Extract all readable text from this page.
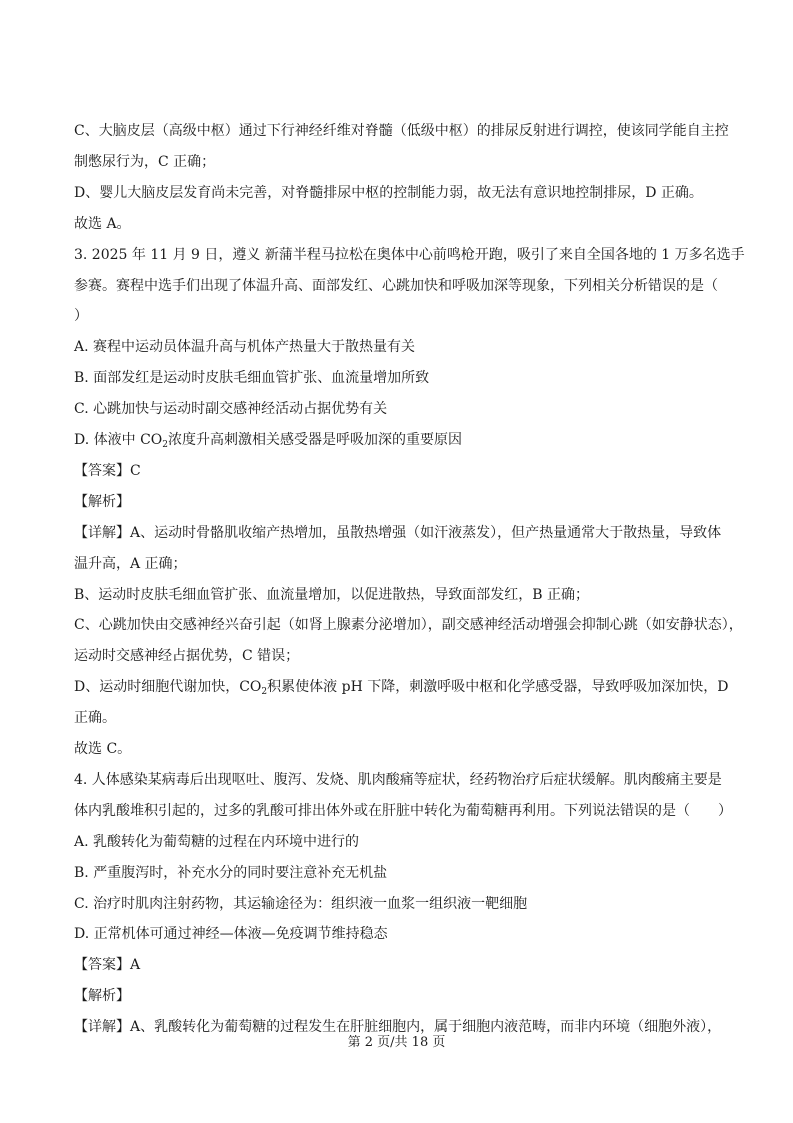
C、大脑皮层（高级中枢）通过下行神经纤维对脊髓（低级中枢）的排尿反射进行调控，使该同学能自主控
制憋尿行为，C 正确；
D、婴儿大脑皮层发育尚未完善，对脊髓排尿中枢的控制能力弱，故无法有意识地控制排尿，D 正确。
故选 A。
3. 2025 年 11 月 9 日，遵义 新蒲半程马拉松在奥体中心前鸣枪开跑，吸引了来自全国各地的 1 万多名选手
参赛。赛程中选手们出现了体温升高、面部发红、心跳加快和呼吸加深等现象，下列相关分析错误的是（
）
A. 赛程中运动员体温升高与机体产热量大于散热量有关
B. 面部发红是运动时皮肤毛细血管扩张、血流量增加所致
C. 心跳加快与运动时副交感神经活动占据优势有关
D. 体液中 $CO_2$浓度升高刺激相关感受器是呼吸加深的重要原因
【答案】C
【解析】
【详解】A、运动时骨骼肌收缩产热增加，虽散热增强（如汗液蒸发），但产热量通常大于散热量，导致体
温升高，A 正确；
B、运动时皮肤毛细血管扩张、血流量增加，以促进散热，导致面部发红，B 正确；
C、心跳加快由交感神经兴奋引起（如肾上腺素分泌增加），副交感神经活动增强会抑制心跳（如安静状态），
运动时交感神经占据优势，C 错误；
D、运动时细胞代谢加快，$CO_2$积累使体液 pH 下降，刺激呼吸中枢和化学感受器，导致呼吸加深加快，D
正确。
故选 C。
4. 人体感染某病毒后出现呕吐、腹泻、发烧、肌肉酸痛等症状，经药物治疗后症状缓解。肌肉酸痛主要是
体内乳酸堆积引起的，过多的乳酸可排出体外或在肝脏中转化为葡萄糖再利用。下列说法错误的是（　　）
A. 乳酸转化为葡萄糖的过程在内环境中进行的
B. 严重腹泻时，补充水分的同时要注意补充无机盐
C. 治疗时肌肉注射药物，其运输途径为：组织液一血浆一组织液一靶细胞
D. 正常机体可通过神经—体液—免疫调节维持稳态
【答案】A
【解析】
【详解】A、乳酸转化为葡萄糖的过程发生在肝脏细胞内，属于细胞内液范畴，而非内环境（细胞外液），
第 2 页/共 18 页
